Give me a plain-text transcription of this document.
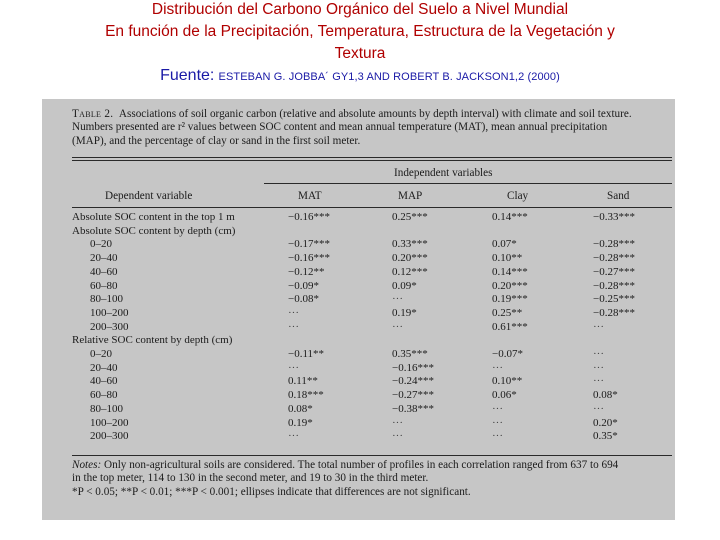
Distribución del Carbono Orgánico del Suelo a Nivel Mundial
En función de la Precipitación, Temperatura, Estructura de la Vegetación y
Textura
Fuente: ESTEBAN G. JOBBA´ GY1,3 AND ROBERT B. JACKSON1,2 (2000)
Table 2. Associations of soil organic carbon (relative and absolute amounts by depth interval) with climate and soil texture.
Numbers presented are r² values between SOC content and mean annual temperature (MAT), mean annual precipitation
(MAP), and the percentage of clay or sand in the first soil meter.
Independent variables
Dependent variable	MAT	MAP	Clay	Sand
Absolute SOC content in the top 1 m	−0.16***	0.25***	0.14***	−0.33***
Absolute SOC content by depth (cm)
0–20	−0.17***	0.33***	0.07*	−0.28***
20–40	−0.16***	0.20***	0.10**	−0.28***
40–60	−0.12**	0.12***	0.14***	−0.27***
60–80	−0.09*	0.09*	0.20***	−0.28***
80–100	−0.08*	···	0.19***	−0.25***
100–200	···	0.19*	0.25**	−0.28***
200–300	···	···	0.61***	···
Relative SOC content by depth (cm)
0–20	−0.11**	0.35***	−0.07*	···
20–40	···	−0.16***	···	···
40–60	0.11**	−0.24***	0.10**	···
60–80	0.18***	−0.27***	0.06*	0.08*
80–100	0.08*	−0.38***	···	···
100–200	0.19*	···	···	0.20*
200–300	···	···	···	0.35*
Notes: Only non-agricultural soils are considered. The total number of profiles in each correlation ranged from 637 to 694
in the top meter, 114 to 130 in the second meter, and 19 to 30 in the third meter.
*P < 0.05; **P < 0.01; ***P < 0.001; ellipses indicate that differences are not significant.
